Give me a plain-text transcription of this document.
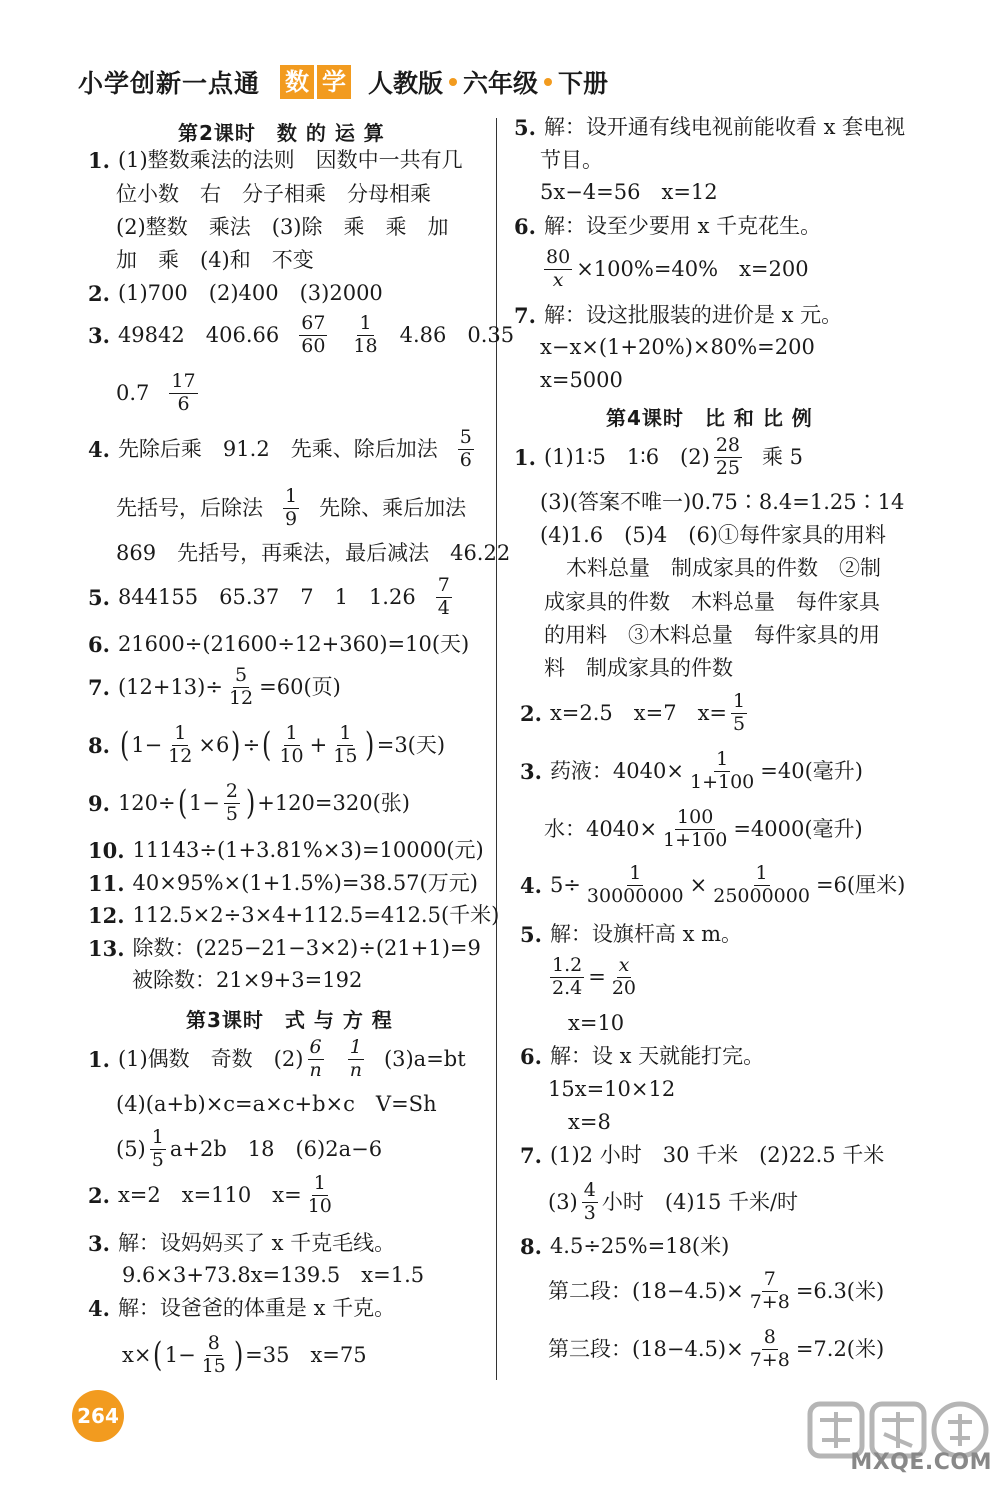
小学创新一点通 数 学 人教版 六年级 下册
第2课时　数 的 运 算
1. (1)整数乘法的法则　因数中一共有几
位小数　右　分子相乘　分母相乘
(2)整数　乘法　(3)除　乘　乘　加
加　乘　(4)和　不变
2. (1)700　(2)400　(3)2000
3. 49842　$406.66 \frac{67}{60} \frac{1}{18} 4.86$　0.35
$0.7 \frac{17}{6}$
4. 先除后乘　91.2　先乘、除后加法 $\frac{5}{6}$
先括号，后除法 $\frac{1}{9}$ 先除、乘后加法
869　先括号，再乘法，最后减法　46.22
5. 844155　65.37　7　1　$1.26 \frac{7}{4}$
6. 21600÷(21600÷12+360)=10(天)
7. $(12+13)\div \frac{5}{12} =60$(页)
8. ( $1- \frac{1}{12} \times 6$ ) ÷ ( $\frac{1}{10} + \frac{1}{15}$ ) =3(天)
9. 120÷ ( $1- \frac{2}{5}$ ) +120=320(张)
10. 11143÷(1+3.81%×3)=10000(元)
11. 40×95%×(1+1.5%)=38.57(万元)
12. 112.5×2÷3×4+112.5=412.5(千米)
13. 除数：(225−21−3×2)÷(21+1)=9
被除数：21×9+3=192
第3课时　式 与 方 程
1. (1)偶数　奇数　$(2) \frac{6}{n} \frac{1}{n} (3)a=bt$
(4)(a+b)×c=a×c+b×c　V=Sh
$(5) \frac{1}{5} a+2b$　18　(6)2a−6
2. x=2　x=110　$x= \frac{1}{10}$
3. 解：设妈妈买了 x 千克毛线。
9.6×3+73.8x=139.5　x=1.5
4. 解：设爸爸的体重是 x 千克。
x× ( $1- \frac{8}{15}$ ) =35　x=75
5. 解：设开通有线电视前能收看 x 套电视
节目。
5x−4=56　x=12
6. 解：设至少要用 x 千克花生。
$\frac{80}{x} \times 100\%=40\%$　x=200
7. 解：设这批服装的进价是 x 元。
x−x×(1+20%)×80%=200
x=5000
第4课时　比 和 比 例
1. (1)1∶5　1∶6　$(2) \frac{28}{25}$ 乘 5
(3)(答案不唯一)0.75∶8.4=1.25∶14
(4)1.6　(5)4　(6)①每件家具的用料
木料总量　制成家具的件数　②制
成家具的件数　木料总量　每件家具
的用料　③木料总量　每件家具的用
料　制成家具的件数
2. x=2.5　x=7　$x= \frac{1}{5}$
3. 药液：$4040\times \frac{1}{1+100} =40$(毫升)
水：$4040\times \frac{100}{1+100} =4000$(毫升)
4. $5\div \frac{1}{30000000} \times \frac{1}{25000000} =6$(厘米)
5. 解：设旗杆高 x m。
$\frac{1.2}{2.4} = \frac{x}{20}$
x=10
6. 解：设 x 天就能打完。
15x=10×12
x=8
7. (1)2 小时　30 千米　(2)22.5 千米
$(3) \frac{4}{3}$ 小时　(4)15 千米/时
8. 4.5÷25%=18(米)
第二段：$(18-4.5)\times \frac{7}{7+8} =6.3$(米)
第三段：$(18-4.5)\times \frac{8}{7+8} =7.2$(米)
264
MXQE.COM
